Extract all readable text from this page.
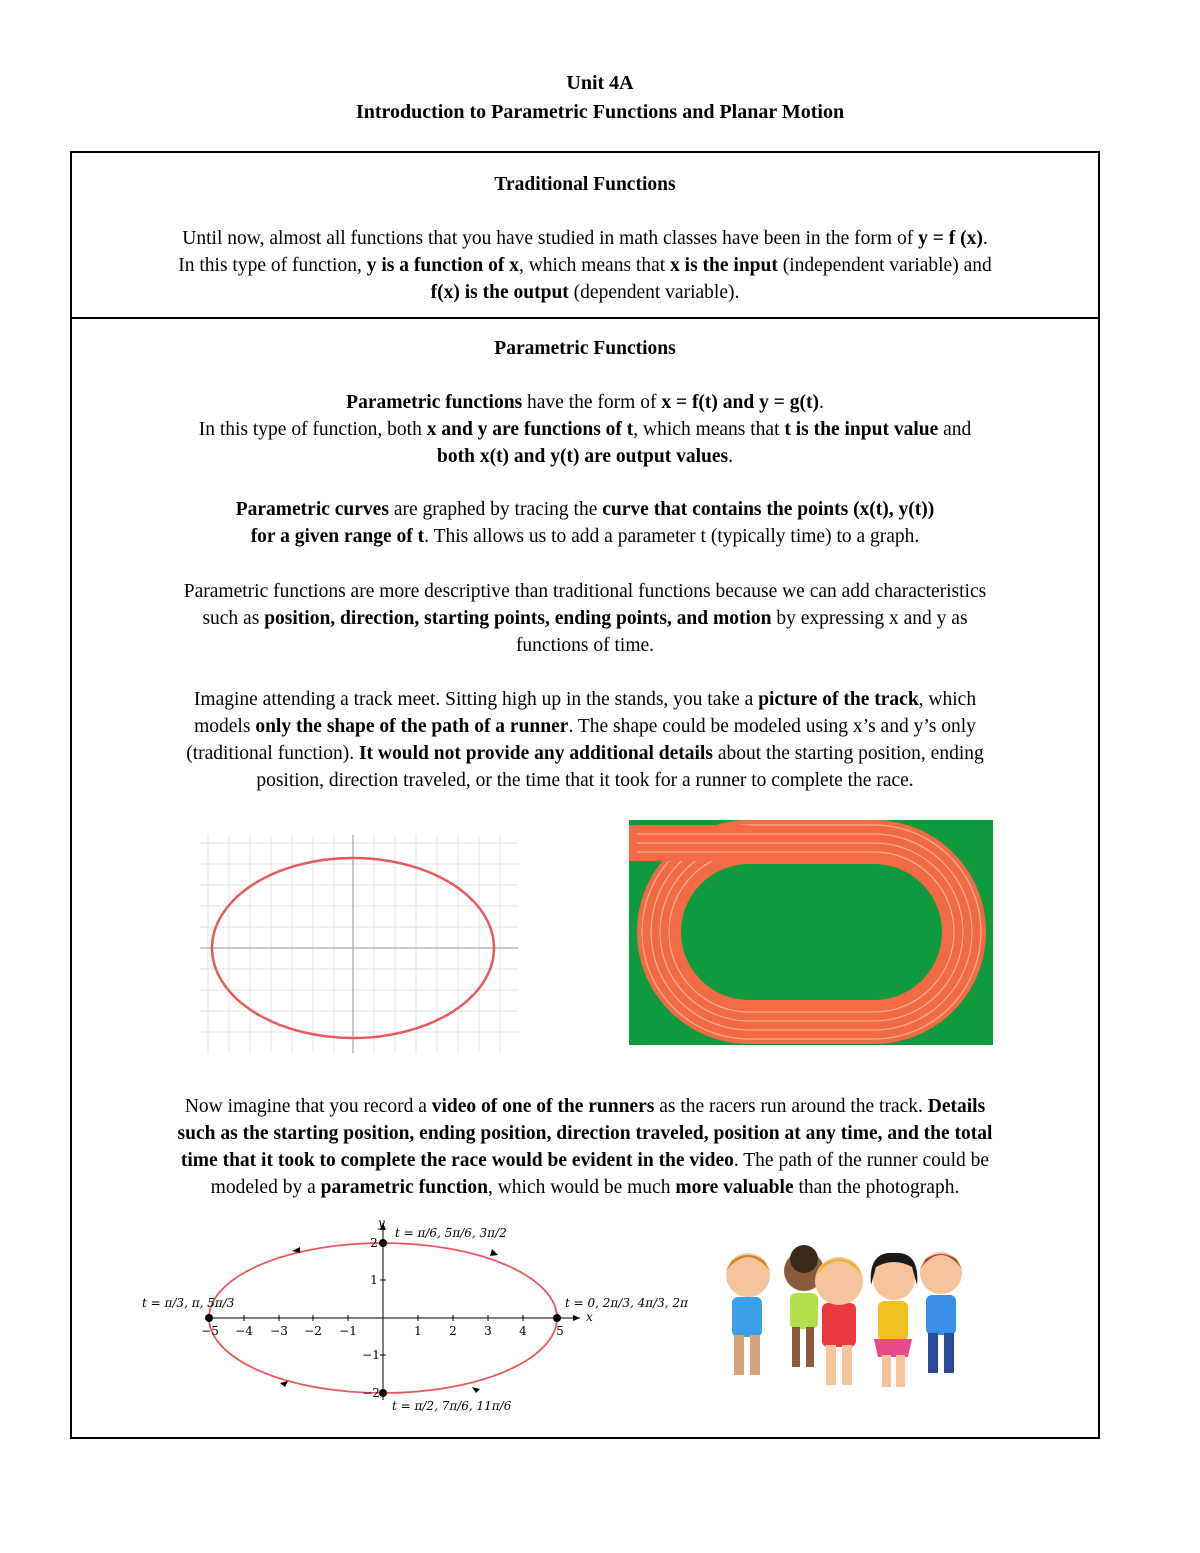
Unit 4A
Introduction to Parametric Functions and Planar Motion
Traditional Functions
Until now, almost all functions that you have studied in math classes have been in the form of y = f (x).
In this type of function, y is a function of x, which means that x is the input (independent variable) and
f(x) is the output (dependent variable).
Parametric Functions
Parametric functions have the form of x = f(t) and y = g(t).
In this type of function, both x and y are functions of t, which means that t is the input value and
both x(t) and y(t) are output values.
Parametric curves are graphed by tracing the curve that contains the points (x(t), y(t))
for a given range of t. This allows us to add a parameter t (typically time) to a graph.
Parametric functions are more descriptive than traditional functions because we can add characteristics
such as position, direction, starting points, ending points, and motion by expressing x and y as
functions of time.
Imagine attending a track meet. Sitting high up in the stands, you take a picture of the track, which
models only the shape of the path of a runner. The shape could be modeled using x’s and y’s only
(traditional function). It would not provide any additional details about the starting position, ending
position, direction traveled, or the time that it took for a runner to complete the race.
Now imagine that you record a video of one of the runners as the racers run around the track. Details
such as the starting position, ending position, direction traveled, position at any time, and the total
time that it took to complete the race would be evident in the video. The path of the runner could be
modeled by a parametric function, which would be much more valuable than the photograph.
−5 −4 −3 −2 −1	1 2 3 4 5
2
1
−1
−2
x
y
t = π/6, 5π/6, 3π/2
t = π/2, 7π/6, 11π/6
t = π/3, π, 5π/3	t = 0, 2π/3, 4π/3, 2π
